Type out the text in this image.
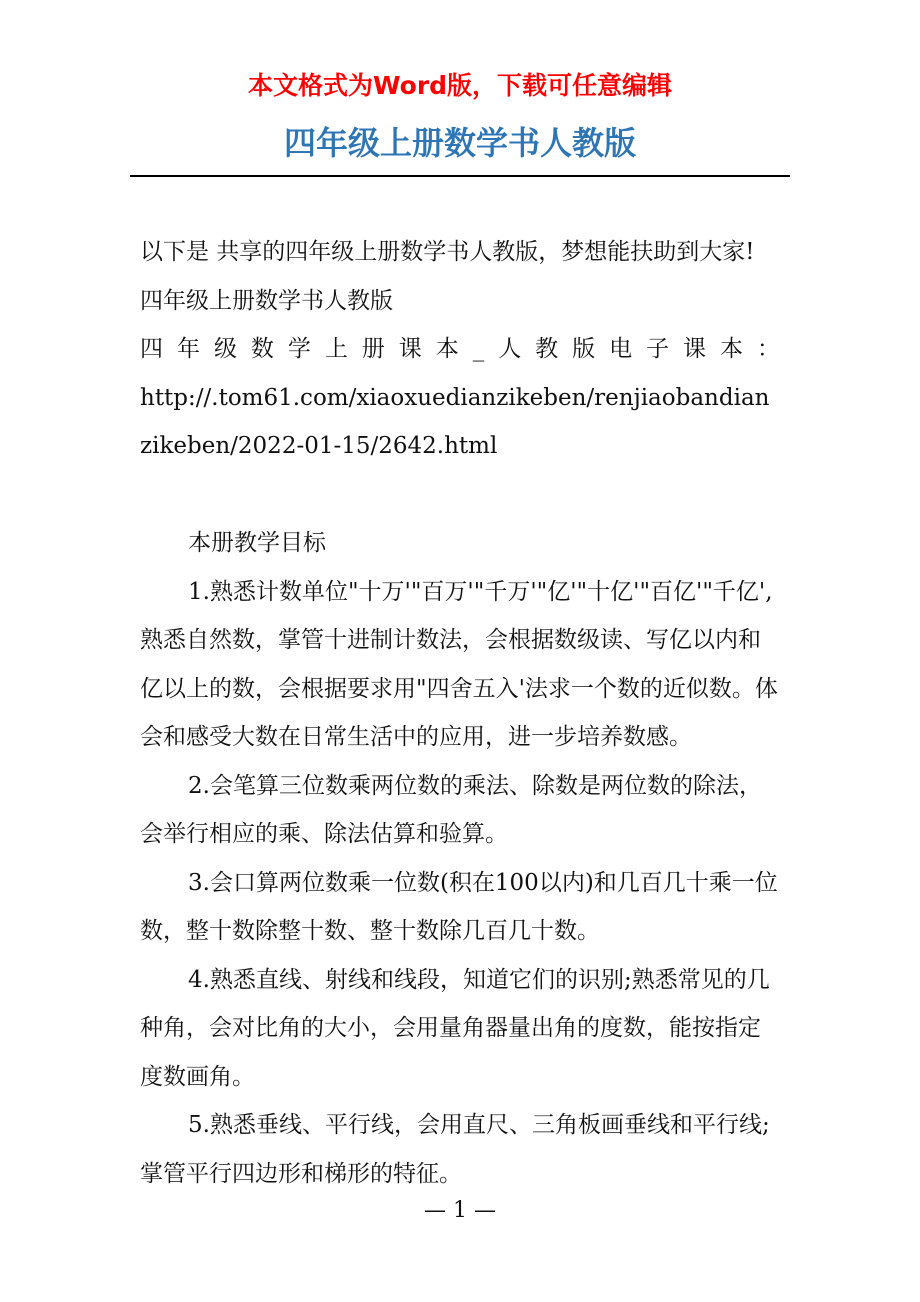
本文格式为Word版，下载可任意编辑
四年级上册数学书人教版

以下是 共享的四年级上册数学书人教版，梦想能扶助到大家!　　四年级上册数学书人教版

四年级数学上册课本_人教版电子课本：

http://.tom61.com/xiaoxuedianzikeben/renjiaobandianzikeben/2022-01-15/2642.html

本册教学目标

1.熟悉计数单位"十万'"百万'"千万'"亿'"十亿'"百亿'"千亿',熟悉自然数，掌管十进制计数法，会根据数级读、写亿以内和亿以上的数，会根据要求用"四舍五入'法求一个数的近似数。体会和感受大数在日常生活中的应用，进一步培养数感。

2.会笔算三位数乘两位数的乘法、除数是两位数的除法，会举行相应的乘、除法估算和验算。

3.会口算两位数乘一位数(积在100以内)和几百几十乘一位数，整十数除整十数、整十数除几百几十数。

4.熟悉直线、射线和线段，知道它们的识别;熟悉常见的几种角，会对比角的大小，会用量角器量出角的度数，能按指定度数画角。

5.熟悉垂线、平行线，会用直尺、三角板画垂线和平行线;掌管平行四边形和梯形的特征。

— 1 —
